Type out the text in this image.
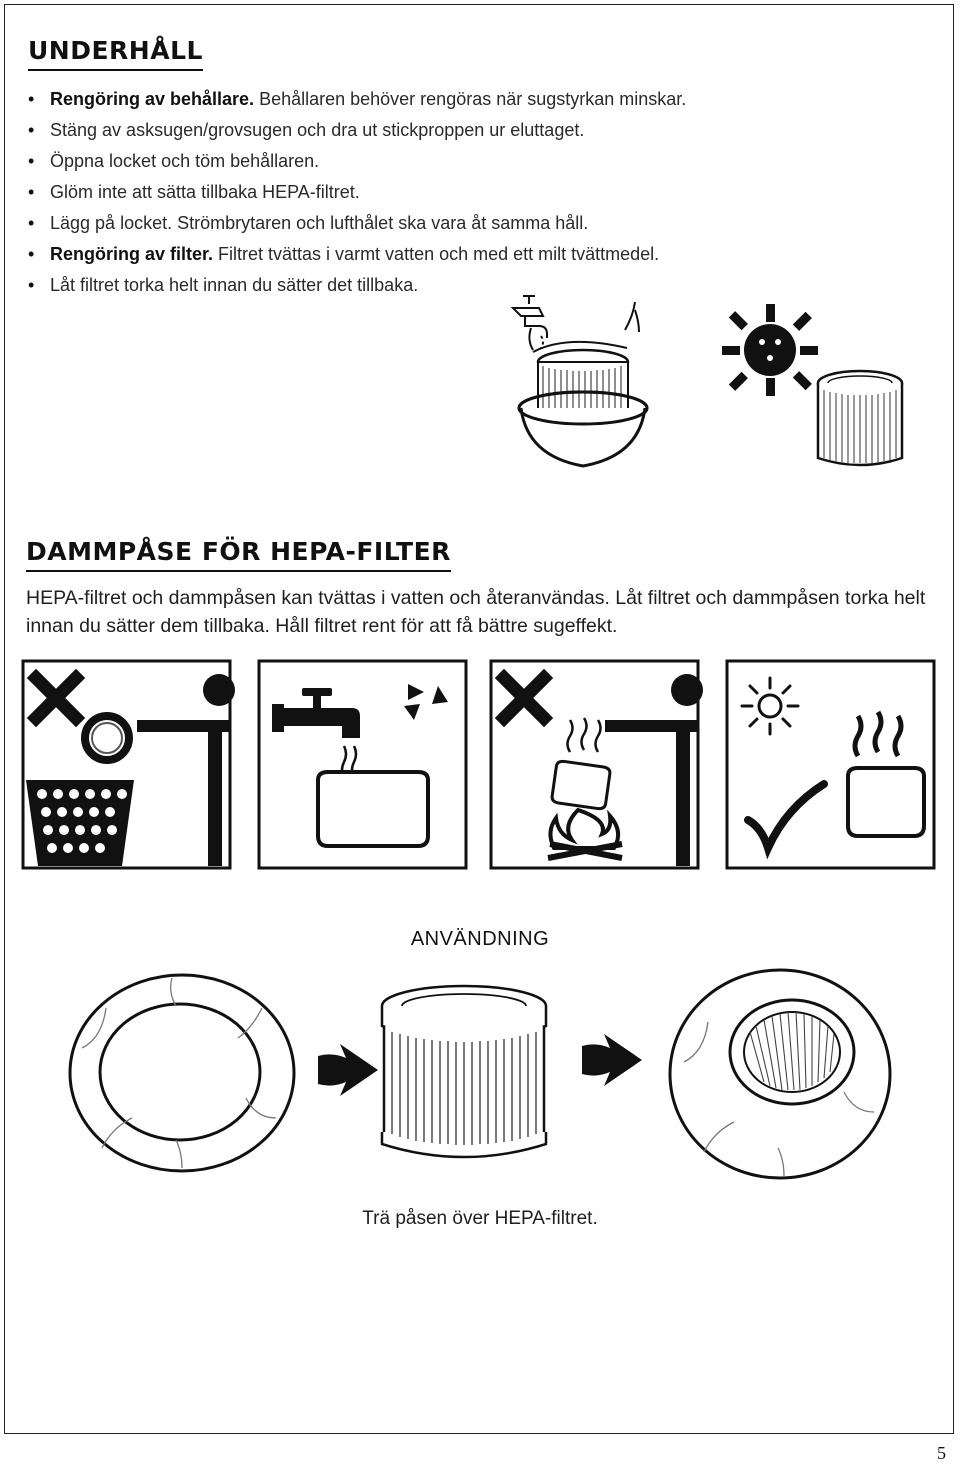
UNDERHÅLL
• Rengöring av behållare. Behållaren behöver rengöras när sugstyrkan minskar.
• Stäng av asksugen/grovsugen och dra ut stickproppen ur eluttaget.
• Öppna locket och töm behållaren.
• Glöm inte att sätta tillbaka HEPA-filtret.
• Lägg på locket. Strömbrytaren och lufthålet ska vara åt samma håll.
• Rengöring av filter. Filtret tvättas i varmt vatten och med ett milt tvättmedel.
• Låt filtret torka helt innan du sätter det tillbaka.
DAMMPÅSE FÖR HEPA-FILTER

HEPA-filtret och dammpåsen kan tvättas i vatten och återanvändas. Låt filtret och dammpåsen torka helt innan du sätter dem tillbaka. Håll filtret rent för att få bättre sugeffekt.

ANVÄNDNING
Trä påsen över HEPA-filtret.
5
